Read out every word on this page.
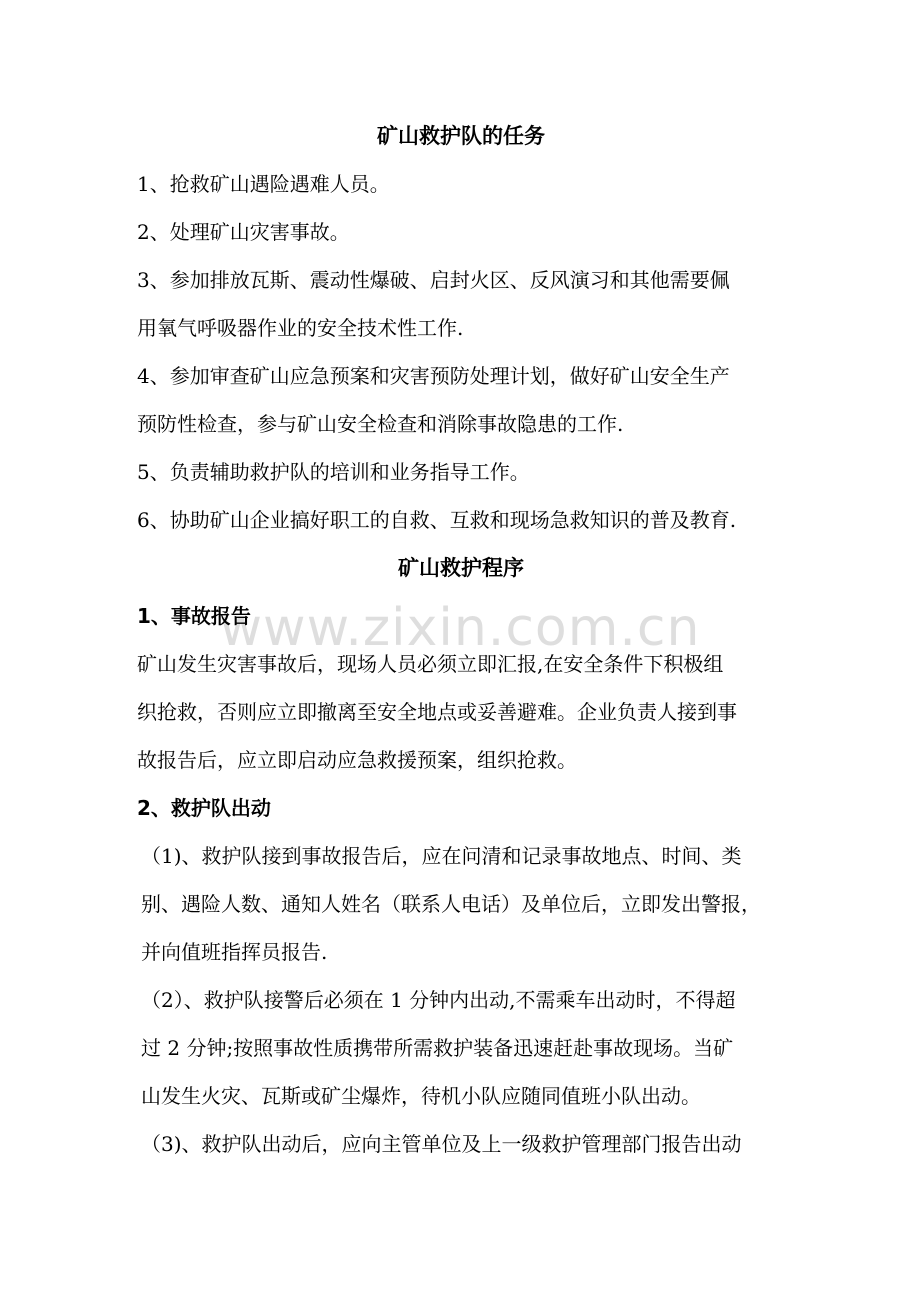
www.zixin.com.cn
矿山救护队的任务

1、抢救矿山遇险遇难人员。

2、处理矿山灾害事故。

3、参加排放瓦斯、震动性爆破、启封火区、反风演习和其他需要佩
用氧气呼吸器作业的安全技术性工作.

4、参加审查矿山应急预案和灾害预防处理计划，做好矿山安全生产
预防性检查，参与矿山安全检查和消除事故隐患的工作.

5、负责辅助救护队的培训和业务指导工作。

6、协助矿山企业搞好职工的自救、互救和现场急救知识的普及教育.

矿山救护程序
1、事故报告

矿山发生灾害事故后，现场人员必须立即汇报,在安全条件下积极组
织抢救，否则应立即撤离至安全地点或妥善避难。企业负责人接到事
故报告后，应立即启动应急救援预案，组织抢救。

2、救护队出动

（1)、救护队接到事故报告后，应在问清和记录事故地点、时间、类
别、遇险人数、通知人姓名（联系人电话）及单位后，立即发出警报，
并向值班指挥员报告.

（2）、救护队接警后必须在 1 分钟内出动,不需乘车出动时，不得超
过 2 分钟;按照事故性质携带所需救护装备迅速赶赴事故现场。当矿
山发生火灾、瓦斯或矿尘爆炸，待机小队应随同值班小队出动。

（3)、救护队出动后，应向主管单位及上一级救护管理部门报告出动
